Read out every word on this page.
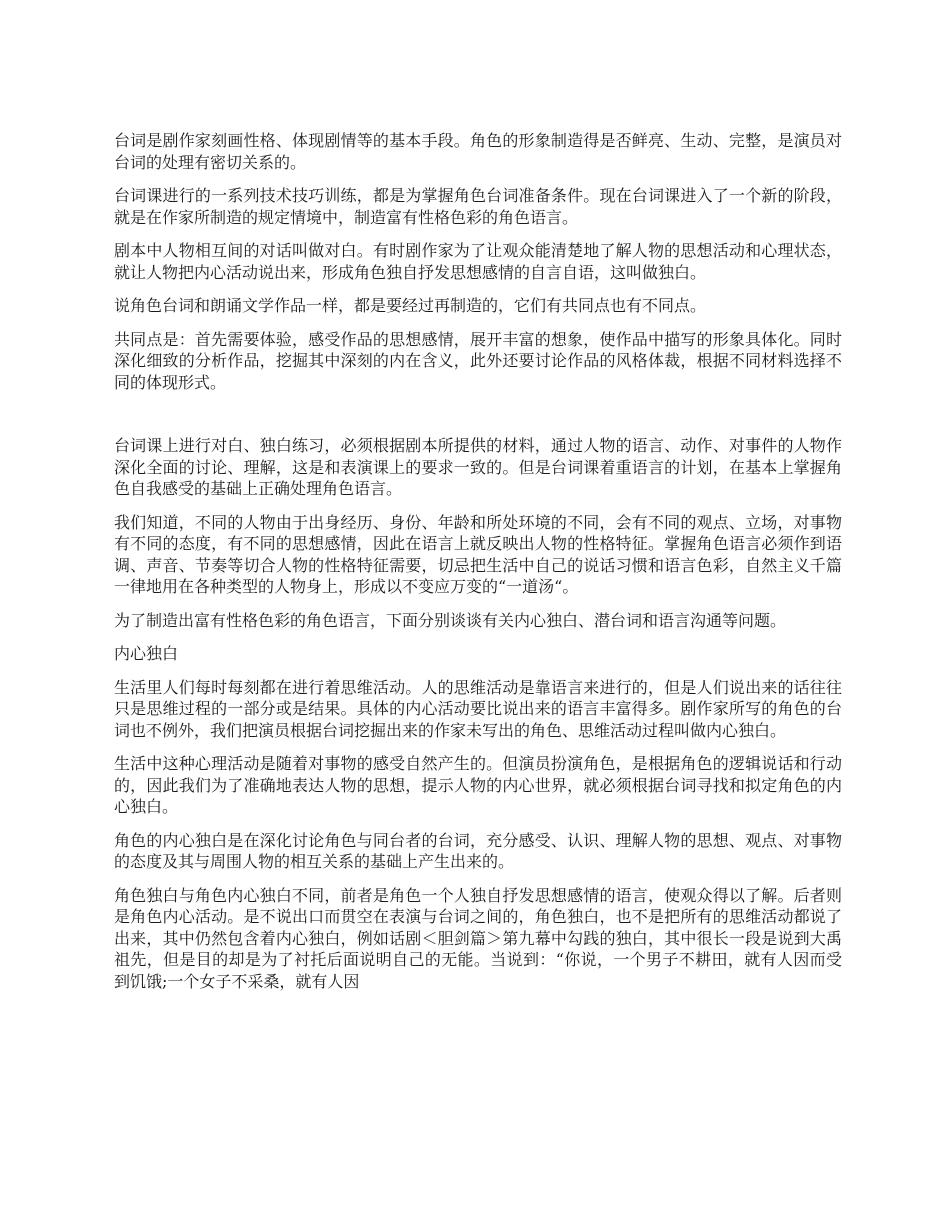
台词是剧作家刻画性格、体现剧情等的基本手段。角色的形象制造得是否鲜亮、生动、完整，是演员对台词的处理有密切关系的。

台词课进行的一系列技术技巧训练，都是为掌握角色台词准备条件。现在台词课进入了一个新的阶段，就是在作家所制造的规定情境中，制造富有性格色彩的角色语言。

剧本中人物相互间的对话叫做对白。有时剧作家为了让观众能清楚地了解人物的思想活动和心理状态，就让人物把内心活动说出来，形成角色独自抒发思想感情的自言自语，这叫做独白。

说角色台词和朗诵文学作品一样，都是要经过再制造的，它们有共同点也有不同点。

共同点是：首先需要体验，感受作品的思想感情，展开丰富的想象，使作品中描写的形象具体化。同时深化细致的分析作品，挖掘其中深刻的内在含义，此外还要讨论作品的风格体裁，根据不同材料选择不同的体现形式。

台词课上进行对白、独白练习，必须根据剧本所提供的材料，通过人物的语言、动作、对事件的人物作深化全面的讨论、理解，这是和表演课上的要求一致的。但是台词课着重语言的计划，在基本上掌握角色自我感受的基础上正确处理角色语言。

我们知道，不同的人物由于出身经历、身份、年龄和所处环境的不同，会有不同的观点、立场，对事物有不同的态度，有不同的思想感情，因此在语言上就反映出人物的性格特征。掌握角色语言必须作到语调、声音、节奏等切合人物的性格特征需要，切忌把生活中自己的说话习惯和语言色彩，自然主义千篇一律地用在各种类型的人物身上，形成以不变应万变的“一道汤“。

为了制造出富有性格色彩的角色语言，下面分别谈谈有关内心独白、潜台词和语言沟通等问题。

内心独白

生活里人们每时每刻都在进行着思维活动。人的思维活动是靠语言来进行的，但是人们说出来的话往往只是思维过程的一部分或是结果。具体的内心活动要比说出来的语言丰富得多。剧作家所写的角色的台词也不例外，我们把演员根据台词挖掘出来的作家未写出的角色、思维活动过程叫做内心独白。

生活中这种心理活动是随着对事物的感受自然产生的。但演员扮演角色，是根据角色的逻辑说话和行动的，因此我们为了准确地表达人物的思想，提示人物的内心世界，就必须根据台词寻找和拟定角色的内心独白。

角色的内心独白是在深化讨论角色与同台者的台词，充分感受、认识、理解人物的思想、观点、对事物的态度及其与周围人物的相互关系的基础上产生出来的。

角色独白与角色内心独白不同，前者是角色一个人独自抒发思想感情的语言，使观众得以了解。后者则是角色内心活动。是不说出口而贯空在表演与台词之间的，角色独白，也不是把所有的思维活动都说了出来，其中仍然包含着内心独白，例如话剧＜胆剑篇＞第九幕中勾践的独白，其中很长一段是说到大禹祖先，但是目的却是为了衬托后面说明自己的无能。当说到：“你说，一个男子不耕田，就有人因而受到饥饿;一个女子不采桑，就有人因
